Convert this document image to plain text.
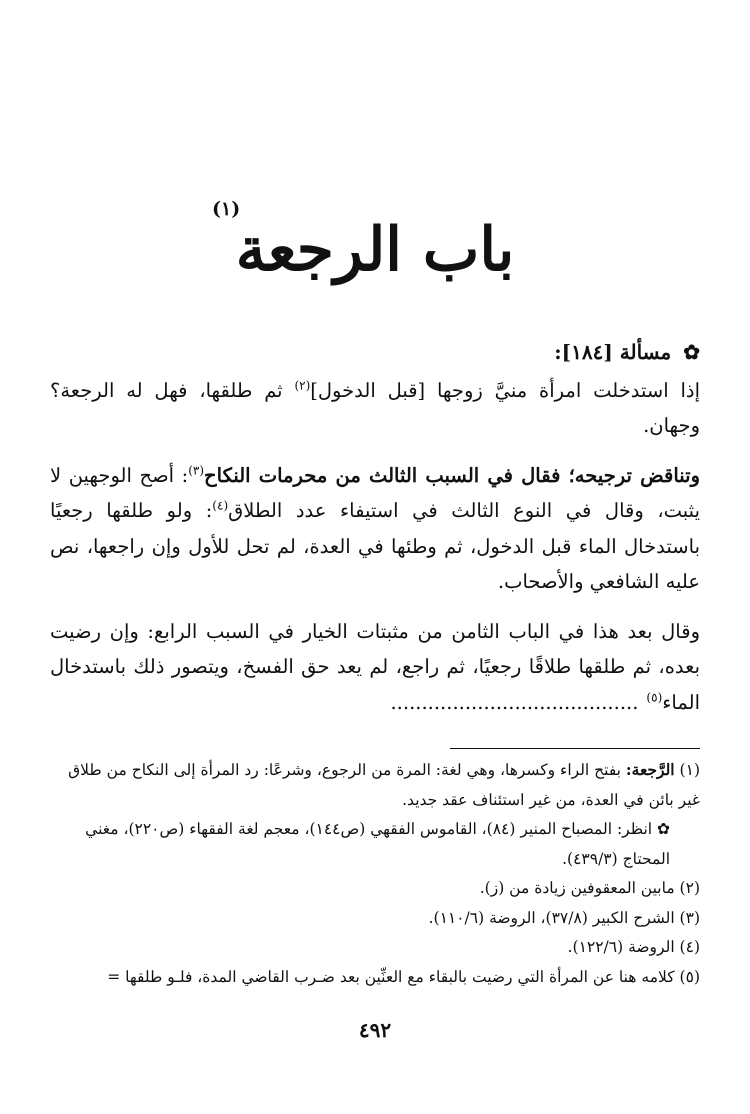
(١)
باب الرجعة

✿مسألة [١٨٤]:

إذا استدخلت امرأة منيَّ زوجها [قبل الدخول]$^{(٢)}$ ثم طلقها، فهل له الرجعة؟ وجهان.

وتناقض ترجيحه؛ فقال في السبب الثالث من محرمات النكاح$^{(٣)}$: أصح الوجهين لا يثبت، وقال في النوع الثالث في استيفاء عدد الطلاق$^{(٤)}$: ولو طلقها رجعيًا باستدخال الماء قبل الدخول، ثم وطئها في العدة، لم تحل للأول وإن راجعها، نص عليه الشافعي والأصحاب.

وقال بعد هذا في الباب الثامن من مثبتات الخيار في السبب الرابع: وإن رضيت بعده، ثم طلقها طلاقًا رجعيًا، ثم راجع، لم يعد حق الفسخ، ويتصور ذلك باستدخال الماء$^{(٥)}$........................................

(١) الرَّجعة: بفتح الراء وكسرها، وهي لغة: المرة من الرجوع، وشرعًا: رد المرأة إلى النكاح من طلاق غير بائن في العدة، من غير استئناف عقد جديد.

✿ انظر: المصباح المنير (٨٤)، القاموس الفقهي (ص١٤٤)، معجم لغة الفقهاء (ص٢٢٠)، مغني المحتاج (٤٣٩/٣).

(٢) مابين المعقوفين زيادة من (ز).

(٣) الشرح الكبير (٣٧/٨)، الروضة (١١٠/٦).

(٤) الروضة (١٢٢/٦).

(٥) كلامه هنا عن المرأة التي رضيت بالبقاء مع العنِّين بعد ضـرب القاضي المدة، فلـو طلقها =

٤٩٢
